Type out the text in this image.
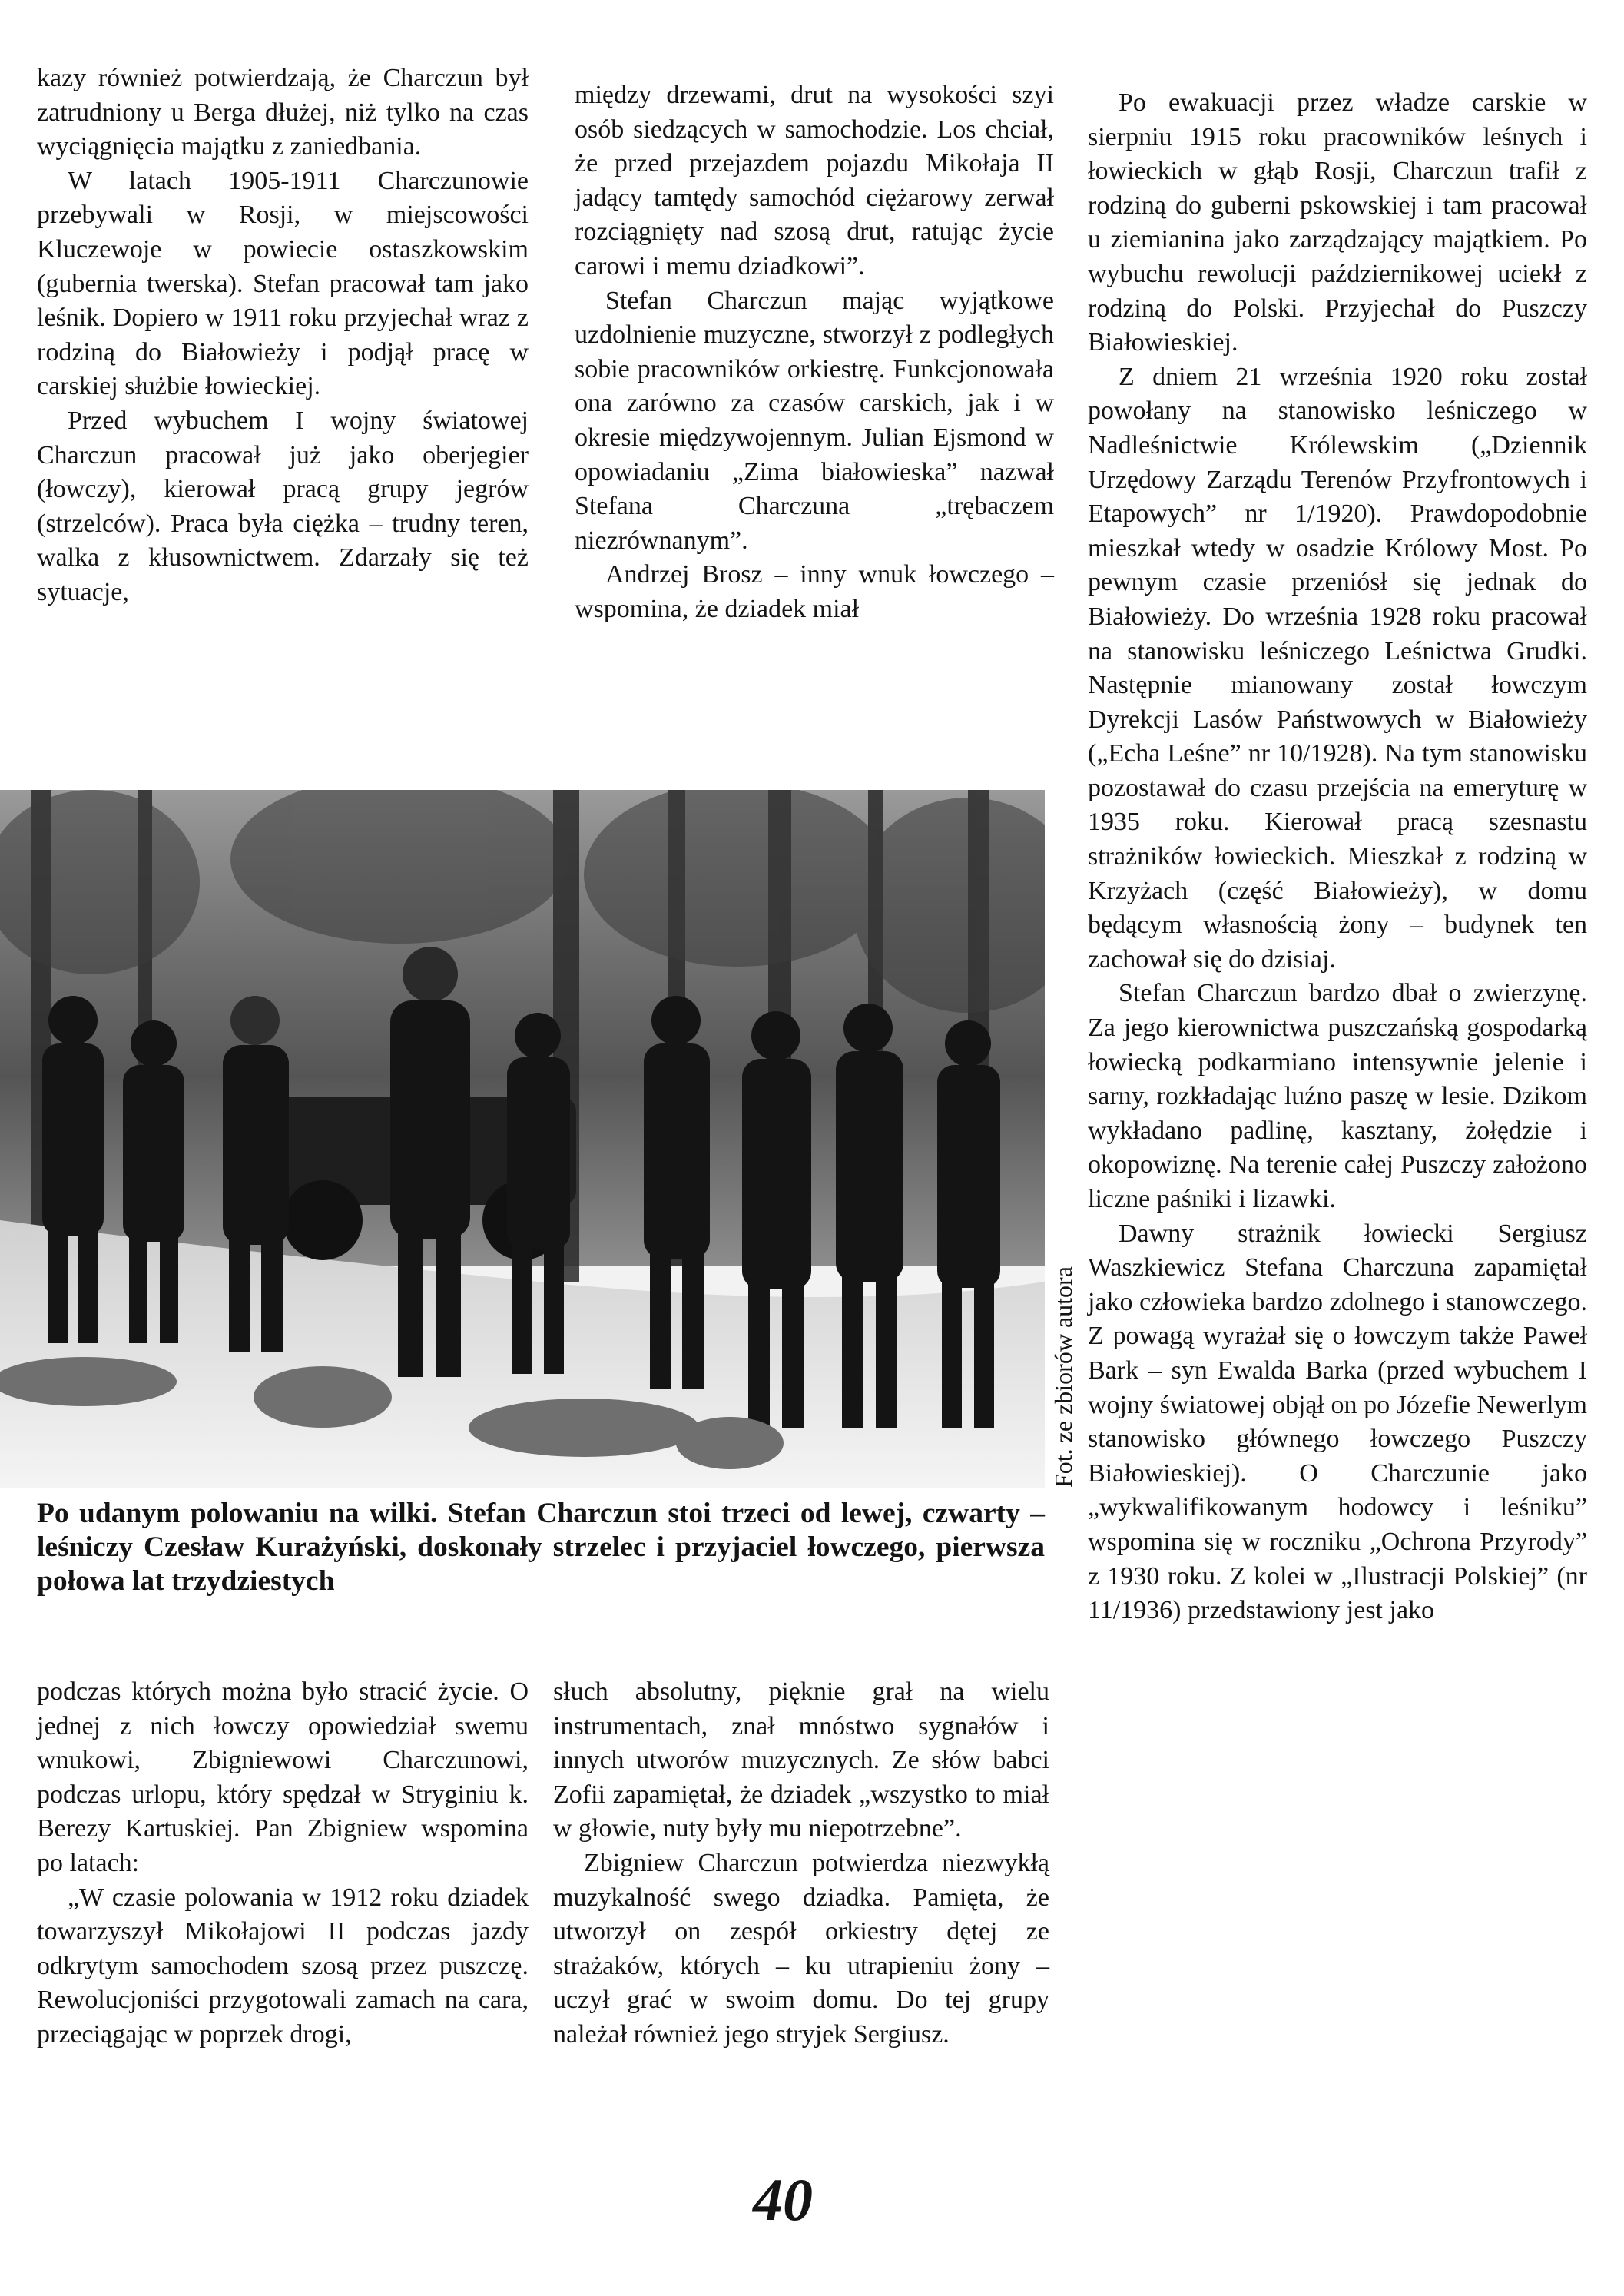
kazy również potwierdzają, że Charczun był zatrudniony u Berga dłużej, niż tylko na czas wyciągnięcia majątku z zaniedbania.

W latach 1905-1911 Charczunowie przebywali w Rosji, w miejscowości Kluczewoje w powiecie ostaszkowskim (gubernia twerska). Stefan pracował tam jako leśnik. Dopiero w 1911 roku przyjechał wraz z rodziną do Białowieży i podjął pracę w carskiej służbie łowieckiej.

Przed wybuchem I wojny światowej Charczun pracował już jako oberjegier (łowczy), kierował pracą grupy jegrów (strzelców). Praca była ciężka – trudny teren, walka z kłusownictwem. Zdarzały się też sytuacje,

między drzewami, drut na wysokości szyi osób siedzących w samochodzie. Los chciał, że przed przejazdem pojazdu Mikołaja II jadący tamtędy samochód ciężarowy zerwał rozciągnięty nad szosą drut, ratując życie carowi i memu dziadkowi”.

Stefan Charczun mając wyjątkowe uzdolnienie muzyczne, stworzył z podległych sobie pracowników orkiestrę. Funkcjonowała ona zarówno za czasów carskich, jak i w okresie międzywojennym. Julian Ejsmond w opowiadaniu „Zima białowieska” nazwał Stefana Charczuna „trębaczem niezrównanym”.

Andrzej Brosz – inny wnuk łowczego – wspomina, że dziadek miał

Po ewakuacji przez władze carskie w sierpniu 1915 roku pracowników leśnych i łowieckich w głąb Rosji, Charczun trafił z rodziną do guberni pskowskiej i tam pracował u ziemianina jako zarządzający majątkiem. Po wybuchu rewolucji październikowej uciekł z rodziną do Polski. Przyjechał do Puszczy Białowieskiej.

Z dniem 21 września 1920 roku został powołany na stanowisko leśniczego w Nadleśnictwie Królewskim („Dziennik Urzędowy Zarządu Terenów Przyfrontowych i Etapowych” nr 1/1920). Prawdopodobnie mieszkał wtedy w osadzie Królowy Most. Po pewnym czasie przeniósł się jednak do Białowieży. Do września 1928 roku pracował na stanowisku leśniczego Leśnictwa Grudki. Następnie mianowany został łowczym Dyrekcji Lasów Państwowych w Białowieży („Echa Leśne” nr 10/1928). Na tym stanowisku pozostawał do czasu przejścia na emeryturę w 1935 roku. Kierował pracą szesnastu strażników łowieckich. Mieszkał z rodziną w Krzyżach (część Białowieży), w domu będącym własnością żony – budynek ten zachował się do dzisiaj.

Stefan Charczun bardzo dbał o zwierzynę. Za jego kierownictwa puszczańską gospodarką łowiecką podkarmiano intensywnie jelenie i sarny, rozkładając luźno paszę w lesie. Dzikom wykładano padlinę, kasztany, żołędzie i okopowiznę. Na terenie całej Puszczy założono liczne paśniki i lizawki.

Dawny strażnik łowiecki Sergiusz Waszkiewicz Stefana Charczuna zapamiętał jako człowieka bardzo zdolnego i stanowczego. Z powagą wyrażał się o łowczym także Paweł Bark – syn Ewalda Barka (przed wybuchem I wojny światowej objął on po Józefie Newerlym stanowisko głównego łowczego Puszczy Białowieskiej). O Charczunie jako „wykwalifikowanym hodowcy i leśniku” wspomina się w roczniku „Ochrona Przyrody” z 1930 roku. Z kolei w „Ilustracji Polskiej” (nr 11/1936) przedstawiony jest jako

Fot. ze zbiorów autora

Po udanym polowaniu na wilki. Stefan Charczun stoi trzeci od lewej, czwarty – leśniczy Czesław Kurażyński, doskonały strzelec i przyjaciel łowczego, pierwsza połowa lat trzydziestych

podczas których można było stracić życie. O jednej z nich łowczy opowiedział swemu wnukowi, Zbigniewowi Charczunowi, podczas urlopu, który spędzał w Stryginiu k. Berezy Kartuskiej. Pan Zbigniew wspomina po latach:

„W czasie polowania w 1912 roku dziadek towarzyszył Mikołajowi II podczas jazdy odkrytym samochodem szosą przez puszczę. Rewolucjoniści przygotowali zamach na cara, przeciągając w poprzek drogi,

słuch absolutny, pięknie grał na wielu instrumentach, znał mnóstwo sygnałów i innych utworów muzycznych. Ze słów babci Zofii zapamiętał, że dziadek „wszystko to miał w głowie, nuty były mu niepotrzebne”.

Zbigniew Charczun potwierdza niezwykłą muzykalność swego dziadka. Pamięta, że utworzył on zespół orkiestry dętej ze strażaków, których – ku utrapieniu żony – uczył grać w swoim domu. Do tej grupy należał również jego stryjek Sergiusz.

40
